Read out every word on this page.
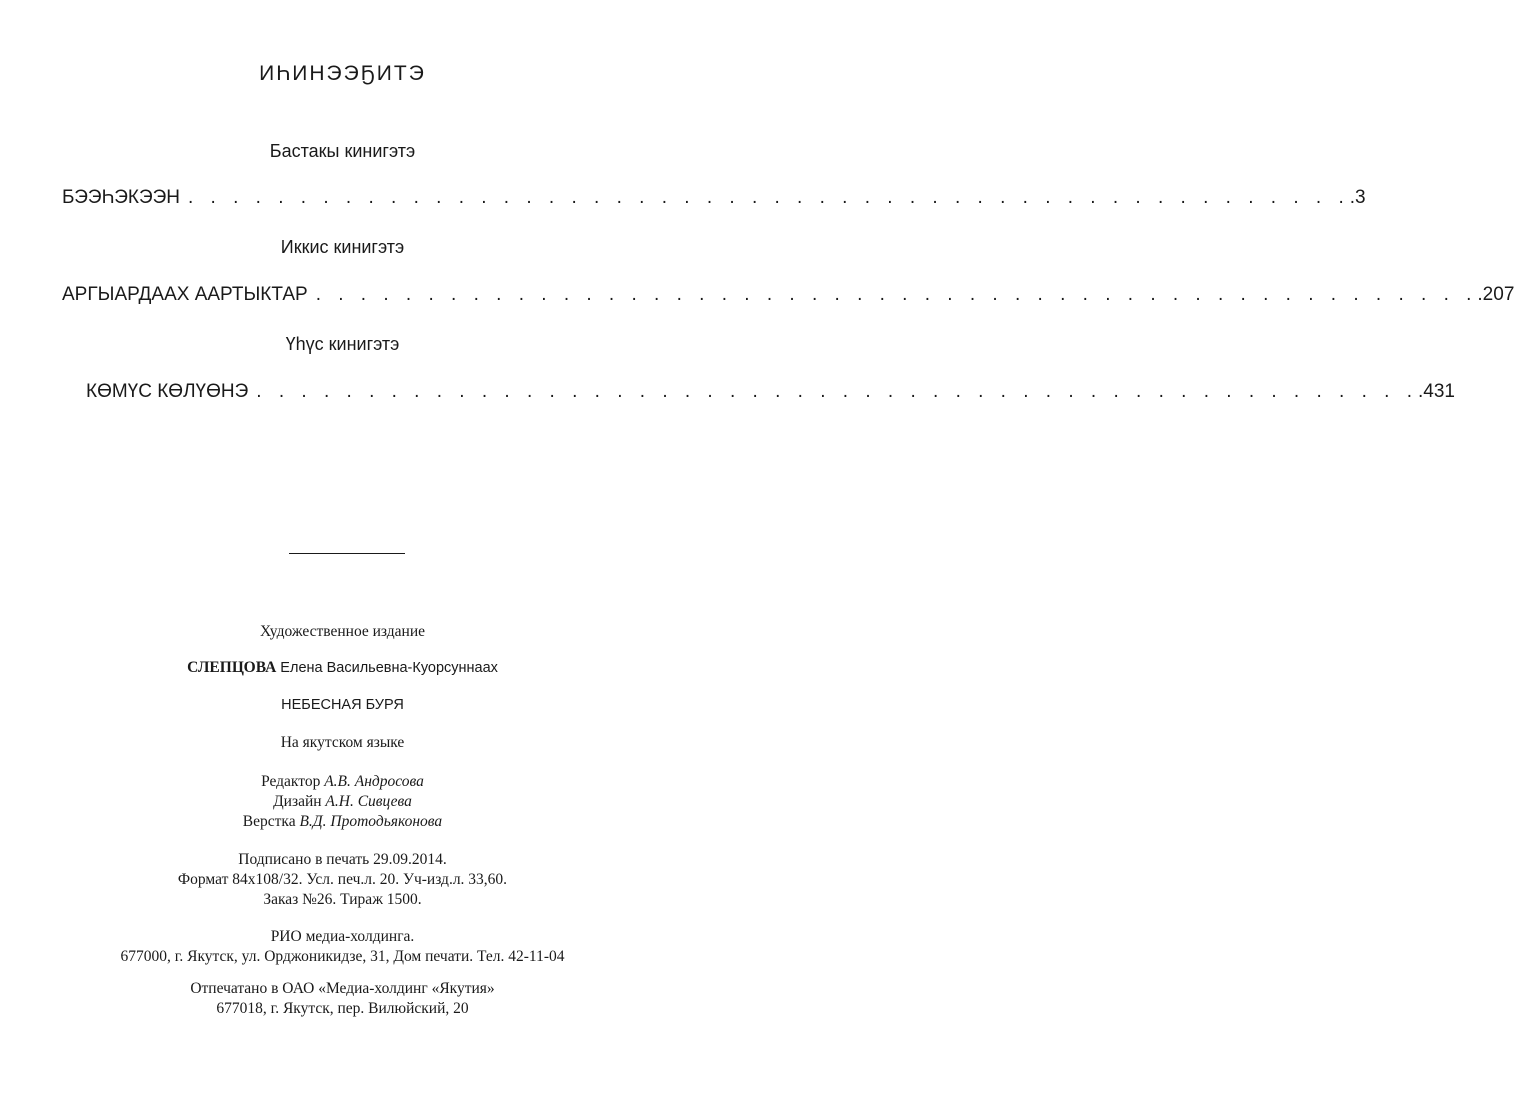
ИҺИНЭЭҔИТЭ
Бастакы кинигэтэ
БЭЭҺЭКЭЭН . . . . . . . . . . . . . . . . . . . . . . . . . . . . . . . . . . . . . . . . . . . . . . . . . . . . .3
Иккис кинигэтэ
АРГЫАРДААХ ААРТЫКТАР . . . . . . . . . . . . . . . . . . . . . . . . . . . . . . . . . . . . . . . . . . . . . . . . . . . . .207
Үһүс кинигэтэ
КӨМҮС КӨЛҮӨНЭ . . . . . . . . . . . . . . . . . . . . . . . . . . . . . . . . . . . . . . . . . . . . . . . . . . . . .431
Художественное издание
СЛЕПЦОВА Елена Васильевна-Куорсуннаах
НЕБЕСНАЯ БУРЯ
На якутском языке
Редактор А.В. Андросова
Дизайн А.Н. Сивцева
Верстка В.Д. Протодьяконова
Подписано в печать 29.09.2014.
Формат 84x108/32. Усл. печ.л. 20. Уч-изд.л. 33,60.
Заказ №26. Тираж 1500.
РИО медиа-холдинга.
677000, г. Якутск, ул. Орджоникидзе, 31, Дом печати. Тел. 42-11-04
Отпечатано в ОАО «Медиа-холдинг «Якутия»
677018, г. Якутск, пер. Вилюйский, 20
